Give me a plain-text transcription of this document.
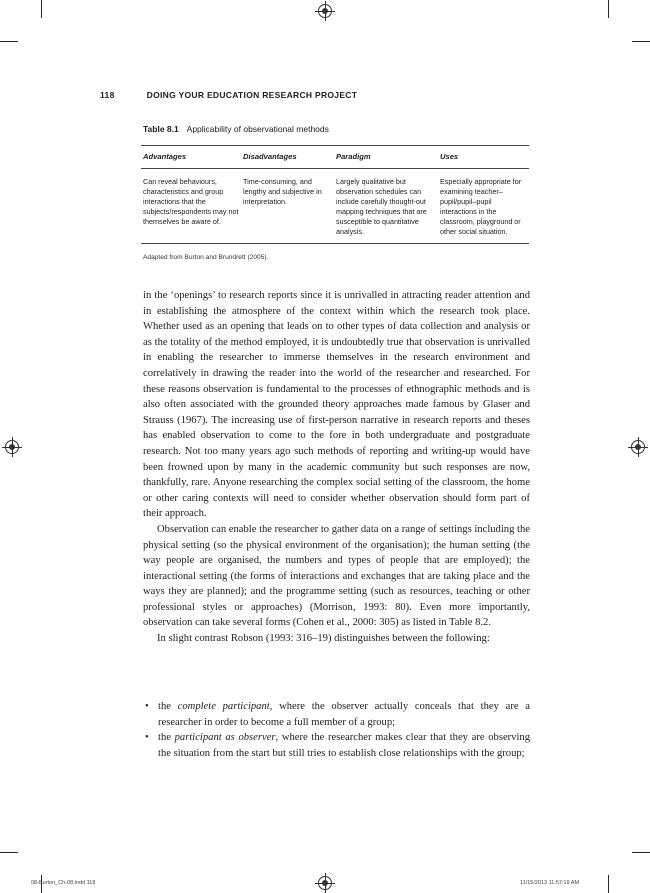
118	DOING YOUR EDUCATION RESEARCH PROJECT
Table 8.1 Applicability of observational methods
Advantages	Disadvantages	Paradigm	Uses
Can reveal behaviours, characteristics and group interactions that the subjects/respondents may not themselves be aware of.	Time-consuming, and lengthy and subjective in interpretation.	Largely qualitative but observation schedules can include carefully thought-out mapping techniques that are susceptible to quantitative analysis.	Especially appropriate for examining teacher–pupil/pupil–pupil interactions in the classroom, playground or other social situation.
Adapted from Burton and Brundrett (2005).

in the ‘openings’ to research reports since it is unrivalled in attracting reader attention and in establishing the atmosphere of the context within which the research took place. Whether used as an opening that leads on to other types of data collection and analysis or as the totality of the method employed, it is undoubtedly true that observation is unrivalled in enabling the researcher to immerse themselves in the research environment and correlatively in drawing the reader into the world of the researcher and researched. For these reasons observation is fundamental to the processes of ethnographic methods and is also often associated with the grounded theory approaches made famous by Glaser and Strauss (1967). The increasing use of first-person narrative in research reports and theses has enabled observation to come to the fore in both undergraduate and postgraduate research. Not too many years ago such methods of reporting and writing-up would have been frowned upon by many in the academic community but such responses are now, thankfully, rare. Anyone researching the complex social setting of the classroom, the home or other caring contexts will need to consider whether observation should form part of their approach.

Observation can enable the researcher to gather data on a range of settings including the physical setting (so the physical environment of the organisation); the human setting (the way people are organised, the numbers and types of people that are employed); the interactional setting (the forms of interactions and exchanges that are taking place and the ways they are planned); and the programme setting (such as resources, teaching or other professional styles or approaches) (Morrison, 1993: 80). Even more importantly, observation can take several forms (Cohen et al., 2000: 305) as listed in Table 8.2.

In slight contrast Robson (1993: 316–19) distinguishes between the following:

• the complete participant, where the observer actually conceals that they are a researcher in order to become a full member of a group;
• the participant as observer, where the researcher makes clear that they are observing the situation from the start but still tries to establish close relationships with the group;
08-Burton_Ch-08.indd 118	11/15/2013 11:57:19 AM
